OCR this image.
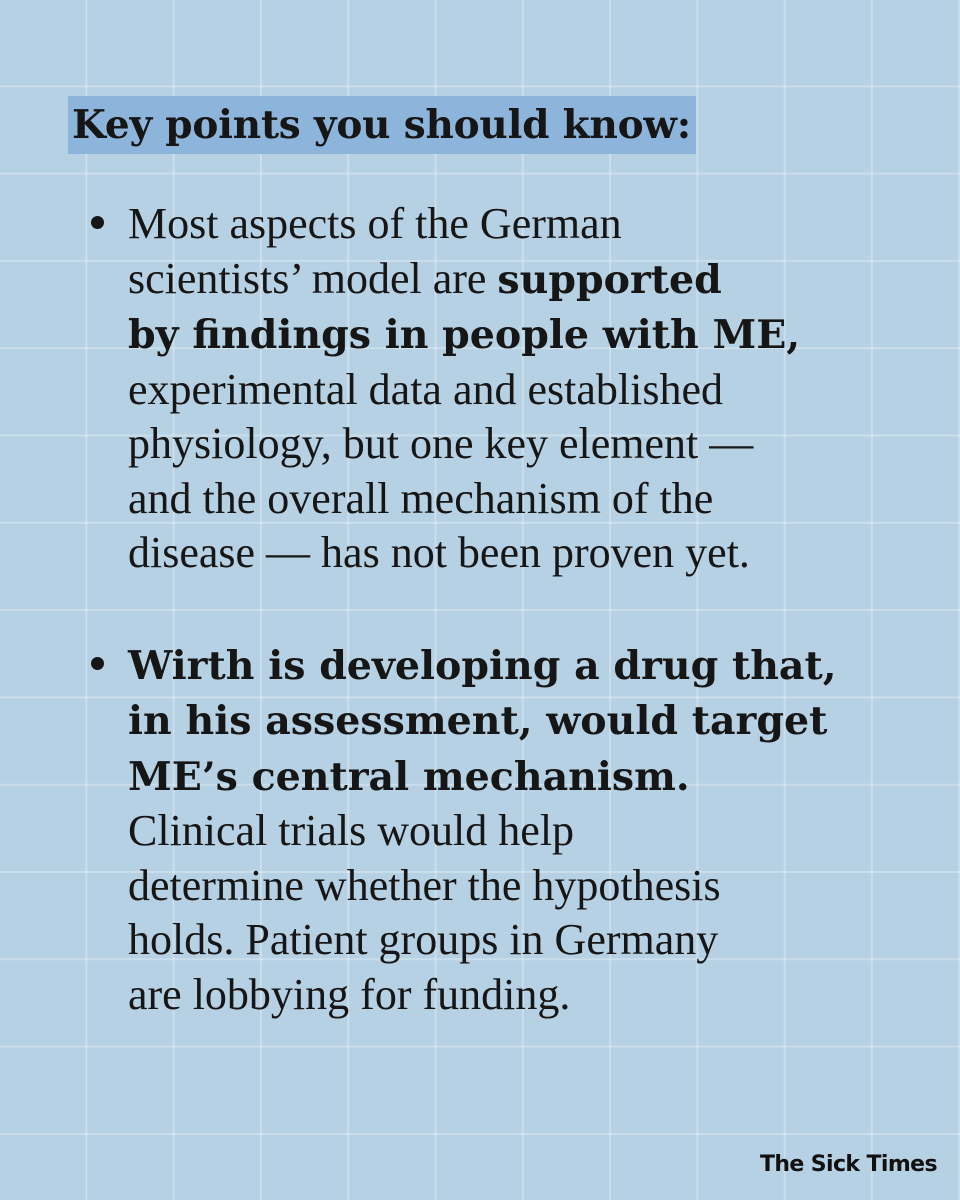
Key points you should know:
Most aspects of the German
scientists’ model are supported
by findings in people with ME,
experimental data and established
physiology, but one key element —
and the overall mechanism of the
disease — has not been proven yet.
Wirth is developing a drug that,
in his assessment, would target
ME’s central mechanism.
Clinical trials would help
determine whether the hypothesis
holds. Patient groups in Germany
are lobbying for funding.
The Sick Times
